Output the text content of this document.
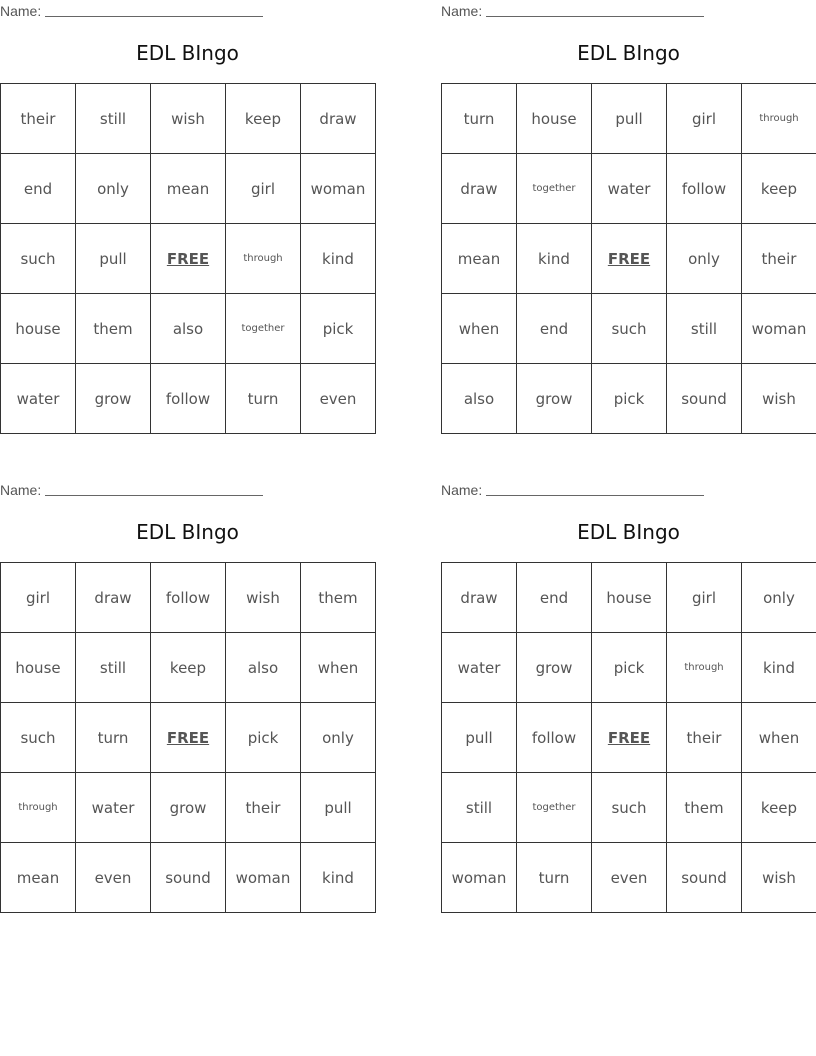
Name:
EDL BIngo
their	still	wish	keep	draw
end	only	mean	girl	woman
such	pull	FREE	through	kind
house	them	also	together	pick
water	grow	follow	turn	even
Name:
EDL BIngo
turn	house	pull	girl	through
draw	together	water	follow	keep
mean	kind	FREE	only	their
when	end	such	still	woman
also	grow	pick	sound	wish
Name:
EDL BIngo
girl	draw	follow	wish	them
house	still	keep	also	when
such	turn	FREE	pick	only
through	water	grow	their	pull
mean	even	sound	woman	kind
Name:
EDL BIngo
draw	end	house	girl	only
water	grow	pick	through	kind
pull	follow	FREE	their	when
still	together	such	them	keep
woman	turn	even	sound	wish
